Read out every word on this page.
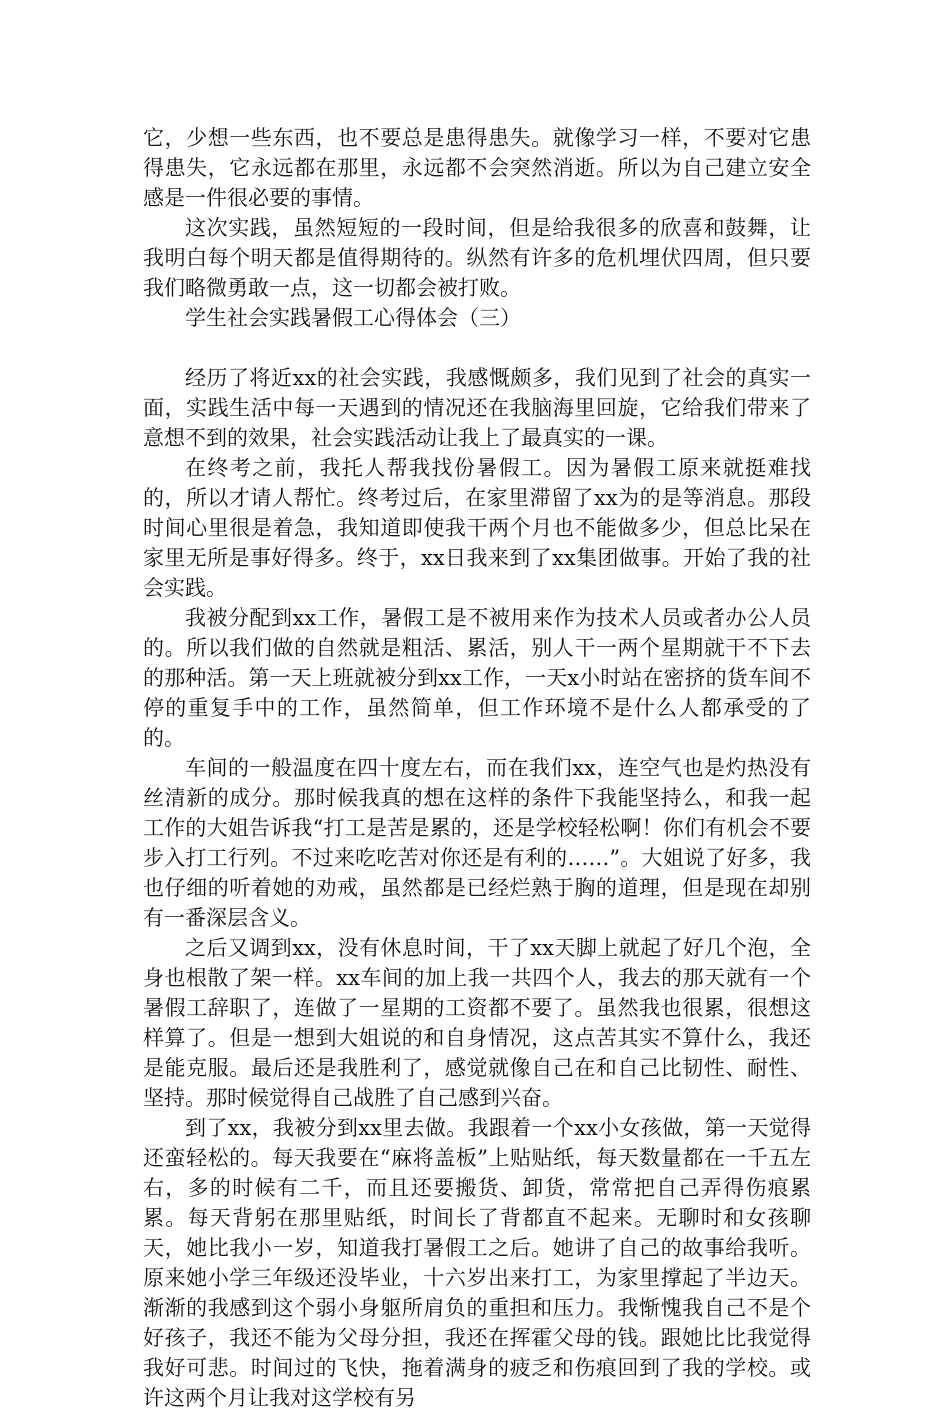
它，少想一些东西，也不要总是患得患失。就像学习一样，不要对它患得患失，它永远都在那里，永远都不会突然消逝。所以为自己建立安全感是一件很必要的事情。

这次实践，虽然短短的一段时间，但是给我很多的欣喜和鼓舞，让我明白每个明天都是值得期待的。纵然有许多的危机埋伏四周，但只要我们略微勇敢一点，这一切都会被打败。

学生社会实践暑假工心得体会（三）

经历了将近xx的社会实践，我感慨颇多，我们见到了社会的真实一面，实践生活中每一天遇到的情况还在我脑海里回旋，它给我们带来了意想不到的效果，社会实践活动让我上了最真实的一课。

在终考之前，我托人帮我找份暑假工。因为暑假工原来就挺难找的，所以才请人帮忙。终考过后，在家里滞留了xx为的是等消息。那段时间心里很是着急，我知道即使我干两个月也不能做多少，但总比呆在家里无所是事好得多。终于，xx日我来到了xx集团做事。开始了我的社会实践。

我被分配到xx工作，暑假工是不被用来作为技术人员或者办公人员的。所以我们做的自然就是粗活、累活，别人干一两个星期就干不下去的那种活。第一天上班就被分到xx工作，一天x小时站在密挤的货车间不停的重复手中的工作，虽然简单，但工作环境不是什么人都承受的了的。

车间的一般温度在四十度左右，而在我们xx，连空气也是灼热没有丝清新的成分。那时候我真的想在这样的条件下我能坚持么，和我一起工作的大姐告诉我“打工是苦是累的，还是学校轻松啊！你们有机会不要步入打工行列。不过来吃吃苦对你还是有利的……”。大姐说了好多，我也仔细的听着她的劝戒，虽然都是已经烂熟于胸的道理，但是现在却别有一番深层含义。

之后又调到xx，没有休息时间，干了xx天脚上就起了好几个泡，全身也根散了架一样。xx车间的加上我一共四个人，我去的那天就有一个暑假工辞职了，连做了一星期的工资都不要了。虽然我也很累，很想这样算了。但是一想到大姐说的和自身情况，这点苦其实不算什么，我还是能克服。最后还是我胜利了，感觉就像自己在和自己比韧性、耐性、坚持。那时候觉得自己战胜了自己感到兴奋。

到了xx，我被分到xx里去做。我跟着一个xx小女孩做，第一天觉得还蛮轻松的。每天我要在“麻将盖板”上贴贴纸，每天数量都在一千五左右，多的时候有二千，而且还要搬货、卸货，常常把自己弄得伤痕累累。每天背躬在那里贴纸，时间长了背都直不起来。无聊时和女孩聊天，她比我小一岁，知道我打暑假工之后。她讲了自己的故事给我听。原来她小学三年级还没毕业，十六岁出来打工，为家里撑起了半边天。渐渐的我感到这个弱小身躯所肩负的重担和压力。我惭愧我自己不是个好孩子，我还不能为父母分担，我还在挥霍父母的钱。跟她比比我觉得我好可悲。时间过的飞快，拖着满身的疲乏和伤痕回到了我的学校。或许这两个月让我对这学校有另
